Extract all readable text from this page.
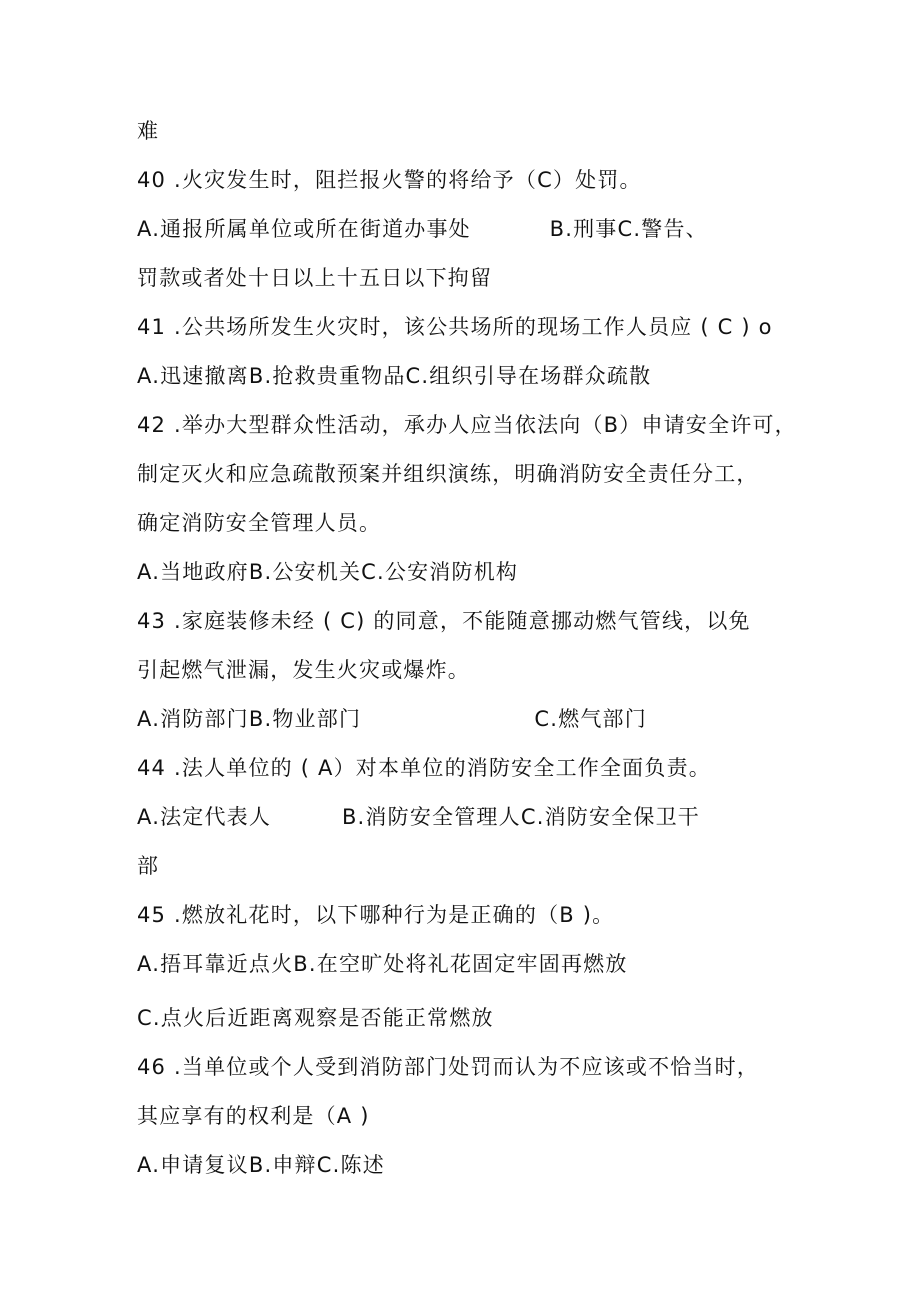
难
40 .火灾发生时，阻拦报火警的将给予（C）处罚。
A.通报所属单位或所在街道办事处          B.刑事C.警告、
罚款或者处十日以上十五日以下拘留
41 .公共场所发生火灾时，该公共场所的现场工作人员应 ( C ) o
A.迅速撤离B.抢救贵重物品C.组织引导在场群众疏散
42 .举办大型群众性活动，承办人应当依法向（B）申请安全许可，
制定灭火和应急疏散预案并组织演练，明确消防安全责任分工，
确定消防安全管理人员。
A.当地政府B.公安机关C.公安消防机构
43 .家庭装修未经 ( C) 的同意，不能随意挪动燃气管线，以免
引起燃气泄漏，发生火灾或爆炸。
A.消防部门B.物业部门                      C.燃气部门
44 .法人单位的 ( A）对本单位的消防安全工作全面负责。
A.法定代表人         B.消防安全管理人C.消防安全保卫干
部
45 .燃放礼花时，以下哪种行为是正确的（B )。
A.捂耳靠近点火B.在空旷处将礼花固定牢固再燃放
C.点火后近距离观察是否能正常燃放
46 .当单位或个人受到消防部门处罚而认为不应该或不恰当时，
其应享有的权利是（A )
A.申请复议B.申辩C.陈述
